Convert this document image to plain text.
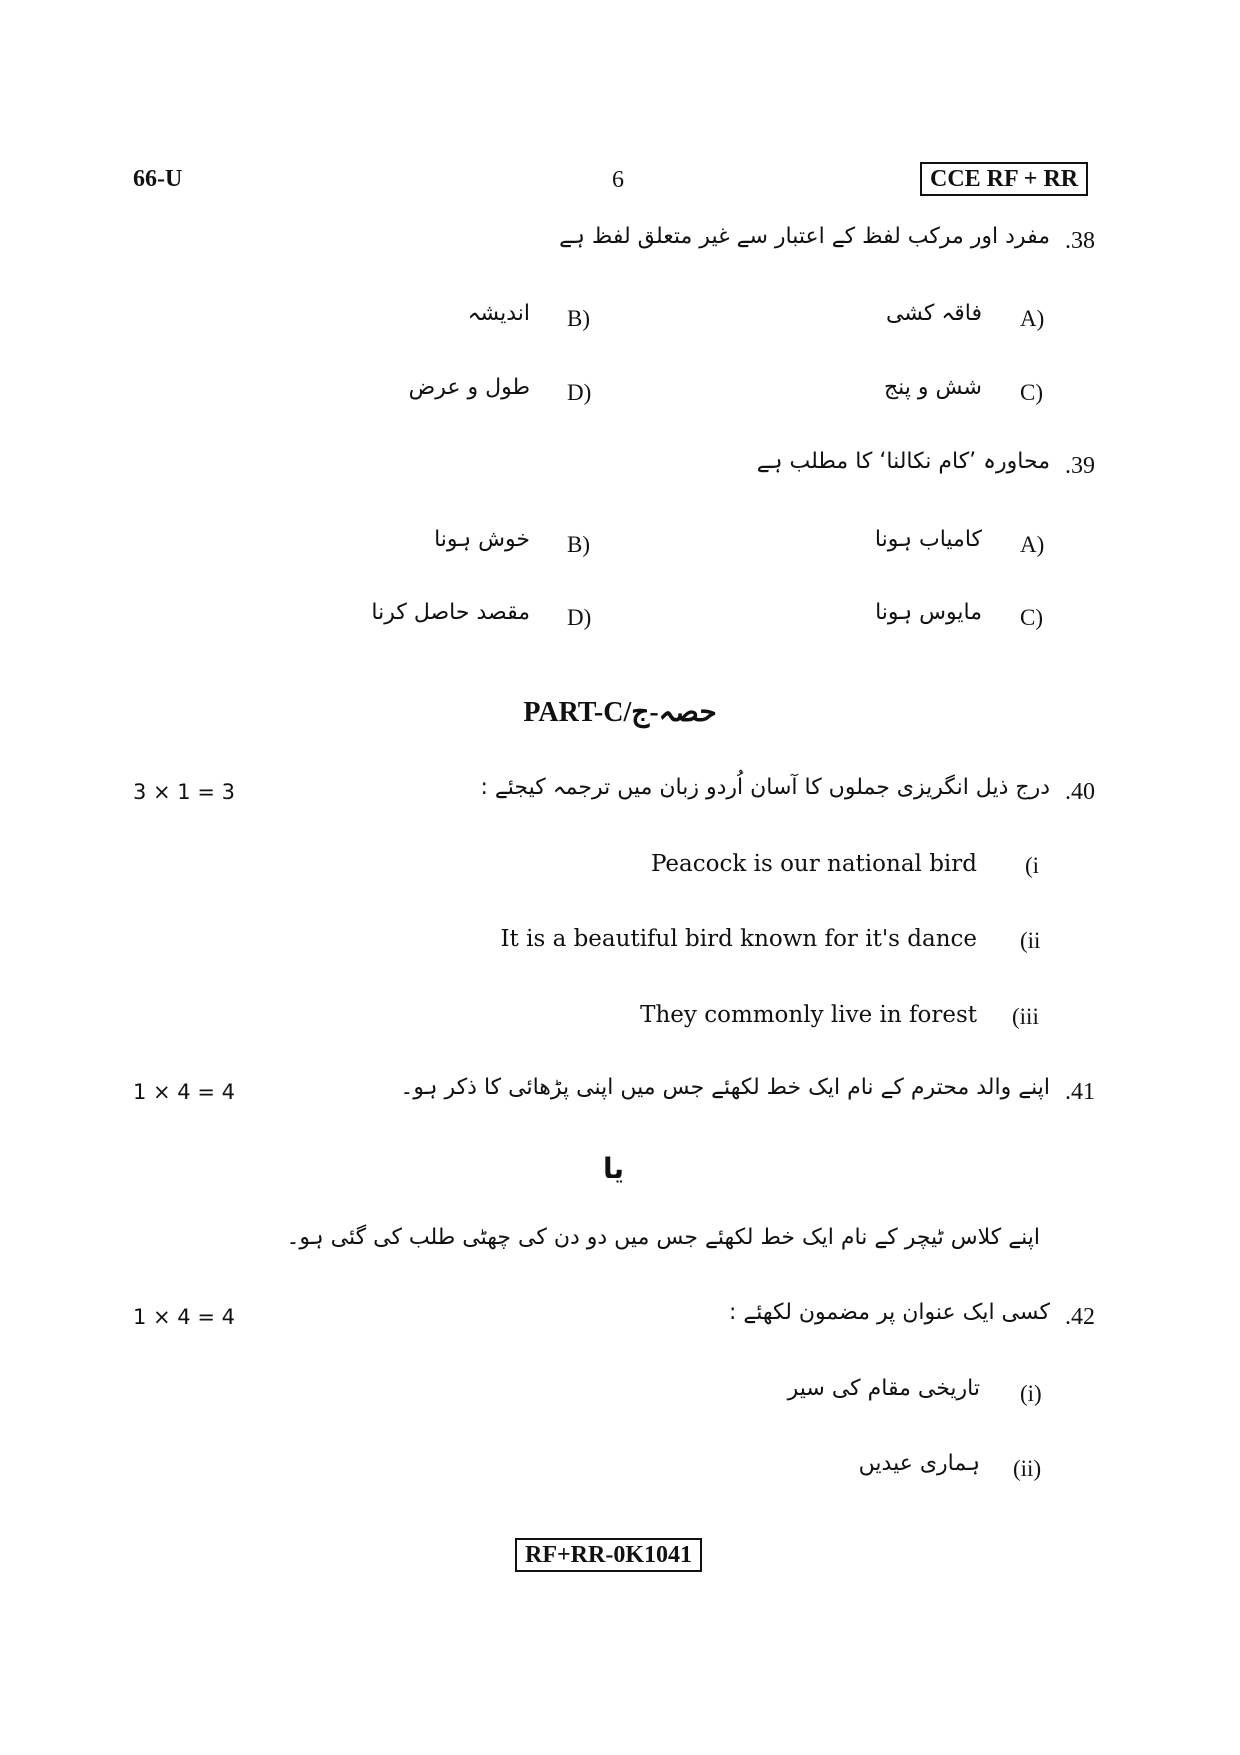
66-U	6	CCE RF + RR
.38
مفرد اور مرکب لفظ کے اعتبار سے غیر متعلق لفظ ہے
A)
فاقہ کشی
B)
اندیشہ
C)
شش و پنج
D)
طول و عرض
.39
محاورہ ’کام نکالنا‘ کا مطلب ہے
A)
کامیاب ہونا
B)
خوش ہونا
C)
مایوس ہونا
D)
مقصد حاصل کرنا
PART-C/حصہ-ج
3 × 1 = 3	.40
درج ذیل انگریزی جملوں کا آسان اُردو زبان میں ترجمہ کیجئے :
(i
Peacock is our national bird
(ii
It is a beautiful bird known for it's dance
(iii
They commonly live in forest
1 × 4 = 4	.41
اپنے والد محترم کے نام ایک خط لکھئے جس میں اپنی پڑھائی کا ذکر ہو۔
یا
اپنے کلاس ٹیچر کے نام ایک خط لکھئے جس میں دو دن کی چھٹی طلب کی گئی ہو۔
1 × 4 = 4	.42
کسی ایک عنوان پر مضمون لکھئے :
(i)
تاریخی مقام کی سیر
(ii)
ہماری عیدیں
RF+RR-0K1041
